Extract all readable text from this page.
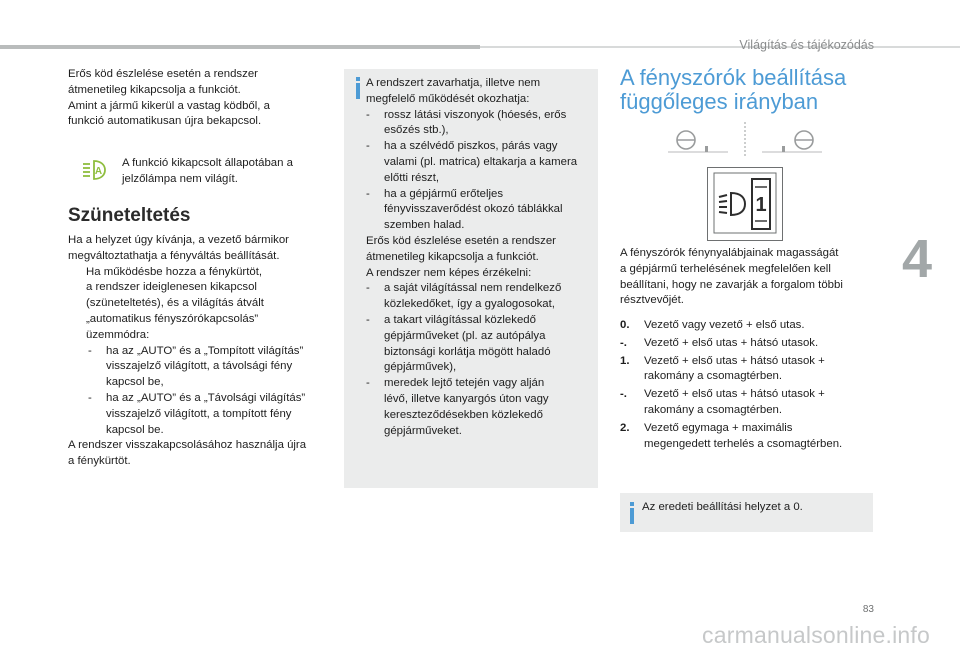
Világítás és tájékozódás
4
83
carmanualsonline.info
Erős köd észlelése esetén a rendszer
átmenetileg kikapcsolja a funkciót.
Amint a jármű kikerül a vastag ködből, a
funkció automatikusan újra bekapcsol.
A
A funkció kikapcsolt állapotában a
jelzőlámpa nem világít.
Szüneteltetés
Ha a helyzet úgy kívánja, a vezető bármikor
megváltoztathatja a fényváltás beállítását.
Ha működésbe hozza a fénykürtöt,
a rendszer ideiglenesen kikapcsol
(szüneteltetés), és a világítás átvált
„automatikus fényszórókapcsolás”
üzemmódra:
- ha az „AUTO” és a „Tompított világítás”
visszajelző világított, a távolsági fény
kapcsol be,
- ha az „AUTO” és a „Távolsági világítás”
visszajelző világított, a tompított fény
kapcsol be.
A rendszer visszakapcsolásához használja újra
a fénykürtöt.
A rendszert zavarhatja, illetve nem
megfelelő működését okozhatja:
- rossz látási viszonyok (hóesés, erős
esőzés stb.),
- ha a szélvédő piszkos, párás vagy
valami (pl. matrica) eltakarja a kamera
előtti részt,
- ha a gépjármű erőteljes
fényvisszaverődést okozó táblákkal
szemben halad.
Erős köd észlelése esetén a rendszer
átmenetileg kikapcsolja a funkciót.
A rendszer nem képes érzékelni:
- a saját világítással nem rendelkező
közlekedőket, így a gyalogosokat,
- a takart világítással közlekedő
gépjárműveket (pl. az autópálya
biztonsági korlátja mögött haladó
gépjárművek),
- meredek lejtő tetején vagy alján
lévő, illetve kanyargós úton vagy
kereszteződésekben közlekedő
gépjárműveket.
A fényszórók beállítása
függőleges irányban
1
A fényszórók fénynyalábjainak magasságát
a gépjármű terhelésének megfelelően kell
beállítani, hogy ne zavarják a forgalom többi
résztvevőjét.
0. Vezető vagy vezető + első utas.
-. Vezető + első utas + hátsó utasok.
1. Vezető + első utas + hátsó utasok +
rakomány a csomagtérben.
-. Vezető + első utas + hátsó utasok +
rakomány a csomagtérben.
2. Vezető egymaga + maximális
megengedett terhelés a csomagtérben.
Az eredeti beállítási helyzet a 0.
